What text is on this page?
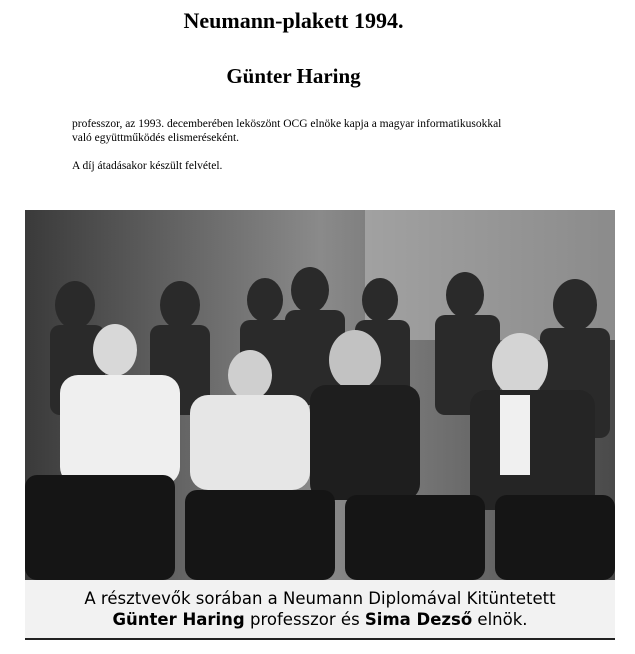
Neumann-plakett 1994.
Günter Haring
professzor, az 1993. decemberében leköszönt OCG elnöke kapja a magyar informatikusokkal
való együttműködés elismeréseként.
A díj átadásakor készült felvétel.
A résztvevők sorában a Neumann Diplomával Kitüntetett
Günter Haring professzor és Sima Dezső elnök.
